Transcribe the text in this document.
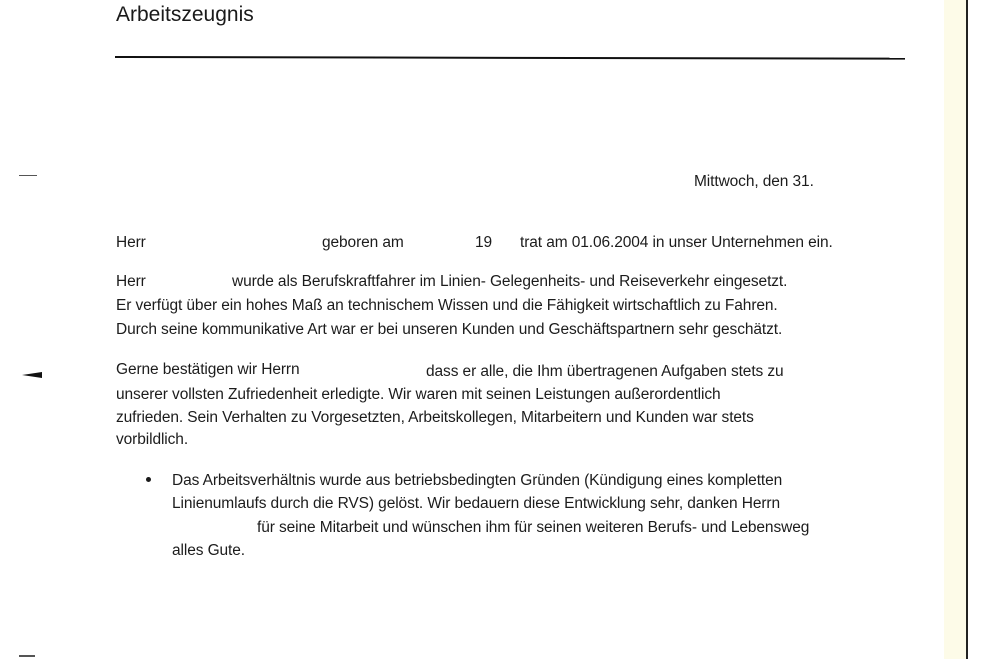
Arbeitszeugnis
Mittwoch, den 31.
Herr	geboren am	19 trat am 01.06.2004 in unser Unternehmen ein.
Herr	wurde als Berufskraftfahrer im Linien- Gelegenheits- und Reiseverkehr eingesetzt.
Er verfügt über ein hohes Maß an technischem Wissen und die Fähigkeit wirtschaftlich zu Fahren.
Durch seine kommunikative Art war er bei unseren Kunden und Geschäftspartnern sehr geschätzt.
Gerne bestätigen wir Herrn	dass er alle, die Ihm übertragenen Aufgaben stets zu
unserer vollsten Zufriedenheit erledigte. Wir waren mit seinen Leistungen außerordentlich
zufrieden. Sein Verhalten zu Vorgesetzten, Arbeitskollegen, Mitarbeitern und Kunden war stets
vorbildlich.
Das Arbeitsverhältnis wurde aus betriebsbedingten Gründen (Kündigung eines kompletten
Linienumlaufs durch die RVS) gelöst. Wir bedauern diese Entwicklung sehr, danken Herrn
für seine Mitarbeit und wünschen ihm für seinen weiteren Berufs- und Lebensweg
alles Gute.
